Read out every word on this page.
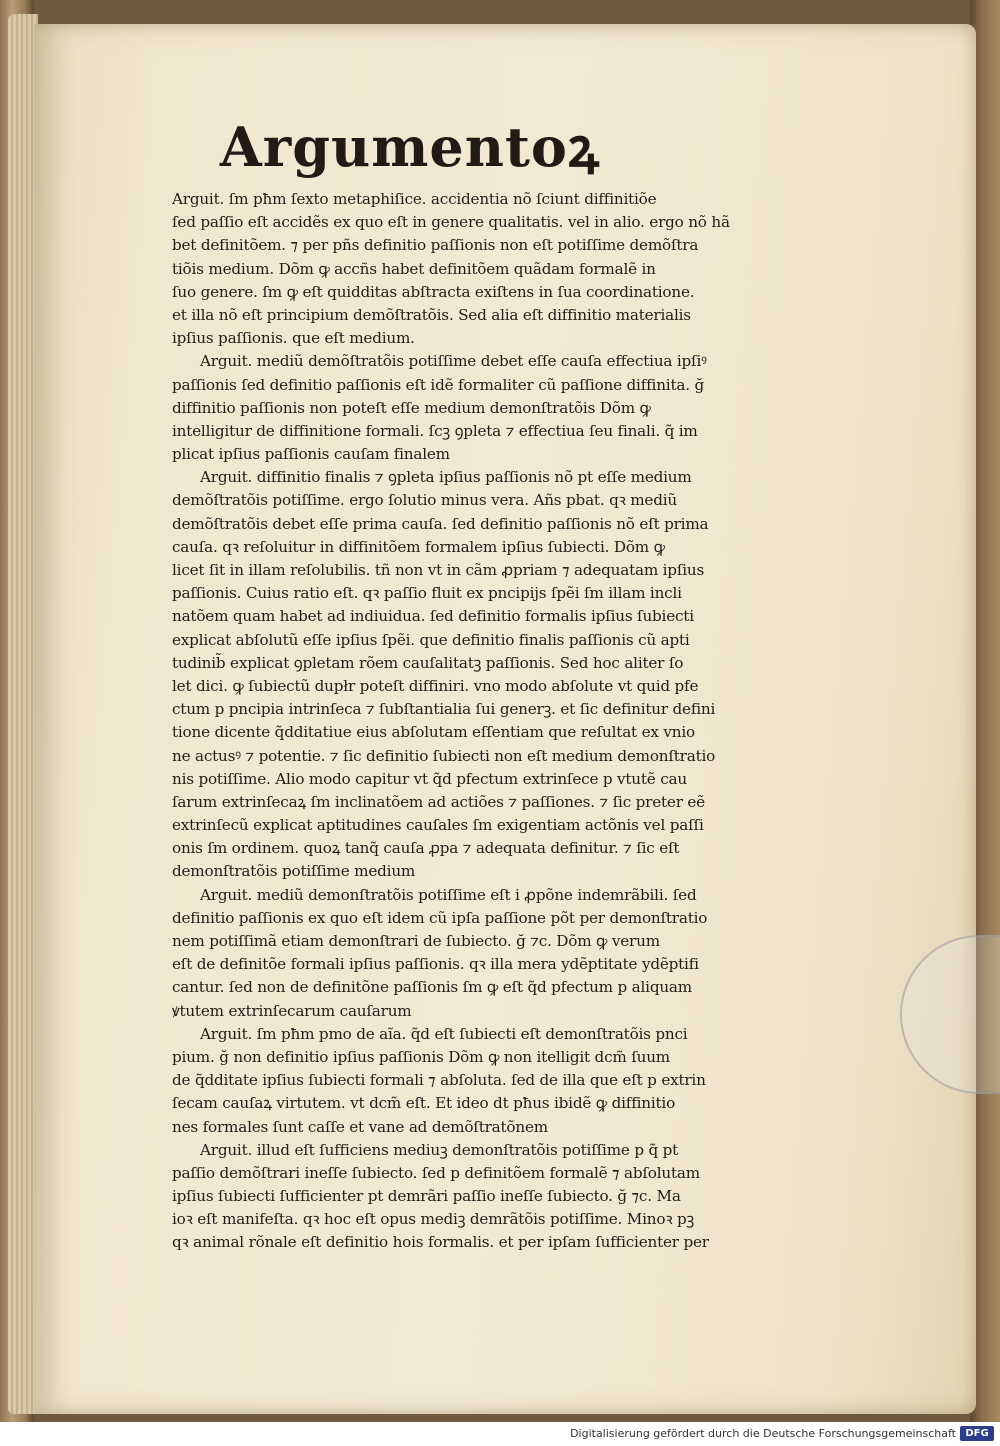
Argumentoꝝ
Arguit. ſm pħm ſexto metaphiſice. accidentia nõ ſciunt diffinitiõe
ſed paſſio eſt accidẽs ex quo eſt in genere qualitatis. vel in alio. ergo nõ hã
bet definitõem. ⁊ per pñs definitio paſſionis non eſt potiſſime demõſtra
tiõis medium. Dõm ꝙ accñs habet definitõem quãdam formalẽ in
ſuo genere. ſm ꝙ eſt quidditas abſtracta exiſtens in ſua coordinatione.
et illa nõ eſt principium demõſtratõis. Sed alia eſt diffinitio materialis
ipſius paſſionis. que eſt medium.
Arguit. mediũ demõſtratõis potiſſime debet eſſe cauſa effectiua ipſiꝰ
paſſionis ſed definitio paſſionis eſt idẽ formaliter cũ paſſione diffinita. ğ
diffinitio paſſionis non poteſt eſſe medium demonſtratõis Dõm ꝙ
intelligitur de diffinitione formali. ſcꝫ ꝯpleta ⁊ effectiua ſeu finali. q̃ im
plicat ipſius paſſionis cauſam finalem
Arguit. diffinitio finalis ⁊ ꝯpleta ipſius paſſionis nõ pt eſſe medium
demõſtratõis potiſſime. ergo ſolutio minus vera. Añs pbat. qꝛ mediũ
demõſtratõis debet eſſe prima cauſa. ſed definitio paſſionis nõ eſt prima
cauſa. qꝛ reſoluitur in diffinitõem formalem ipſius ſubiecti. Dõm ꝙ
licet ſit in illam reſolubilis. tñ non vt in cãm ꝓpriam ⁊ adequatam ipſius
paſſionis. Cuius ratio eſt. qꝛ paſſio fluit ex pncipijs ſpẽi ſm illam incli
natõem quam habet ad indiuidua. ſed definitio formalis ipſius ſubiecti
explicat abſolutũ eſſe ipſius ſpẽi. que definitio finalis paſſionis cũ apti
tudinib̃ explicat ꝯpletam rõem cauſalitatꝫ paſſionis. Sed hoc aliter ſo
let dici. ꝙ ſubiectũ dupłr poteſt diffiniri. vno modo abſolute vt quid pfe
ctum p pncipia intrinſeca ⁊ ſubſtantialia ſui generꝫ. et ſic definitur defini
tione dicente q̃dditatiue eius abſolutam eſſentiam que reſultat ex vnio
ne actusꝰ ⁊ potentie. ⁊ ſic definitio ſubiecti non eſt medium demonſtratio
nis potiſſime. Alio modo capitur vt q̃d pfectum extrinſece p vtutẽ cau
ſarum extrinſecaꝝ ſm inclinatõem ad actiões ⁊ paſſiones. ⁊ ſic preter eẽ
extrinſecũ explicat aptitudines cauſales ſm exigentiam actõnis vel paſſi
onis ſm ordinem. quoꝝ tanq̃ cauſa ꝓpa ⁊ adequata definitur. ⁊ ſic eſt
demonſtratõis potiſſime medium
Arguit. mediũ demonſtratõis potiſſime eſt i ꝓpõne indemrãbili. ſed
definitio paſſionis ex quo eſt idem cũ ipſa paſſione põt per demonſtratio
nem potiſſimã etiam demonſtrari de ſubiecto. ğ ⁊c. Dõm ꝙ verum
eſt de definitõe formali ipſius paſſionis. qꝛ illa mera ydẽptitate ydẽptifi
cantur. ſed non de definitõne paſſionis ſm ꝙ eſt q̃d pfectum p aliquam
ꝟtutem extrinſecarum cauſarum
Arguit. ſm pħm pmo de aĩa. q̃d eſt ſubiecti eſt demonſtratõis pnci
pium. ğ non definitio ipſius paſſionis Dõm ꝙ non itelligit dcm̃ ſuum
de q̃dditate ipſius ſubiecti formali ⁊ abſoluta. ſed de illa que eſt p extrin
ſecam cauſaꝝ virtutem. vt dcm̃ eſt. Et ideo dt pħus ibidẽ ꝙ diffinitio
nes formales ſunt caſſe et vane ad demõſtratõnem
Arguit. illud eſt ſufficiens mediuꝫ demonſtratõis potiſſime p q̃ pt
paſſio demõſtrari ineſſe ſubiecto. ſed p definitõem formalẽ ⁊ abſolutam
ipſius ſubiecti ſufficienter pt demrãri paſſio ineſſe ſubiecto. ğ ⁊c. Ma
ioꝛ eſt manifeſta. qꝛ hoc eſt opus mediꝫ demrãtõis potiſſime. Minoꝛ pꝫ
qꝛ animal rõnale eſt definitio hois formalis. et per ipſam ſufficienter per
Digitalisierung gefördert durch die Deutsche Forschungsgemeinschaft DFG
